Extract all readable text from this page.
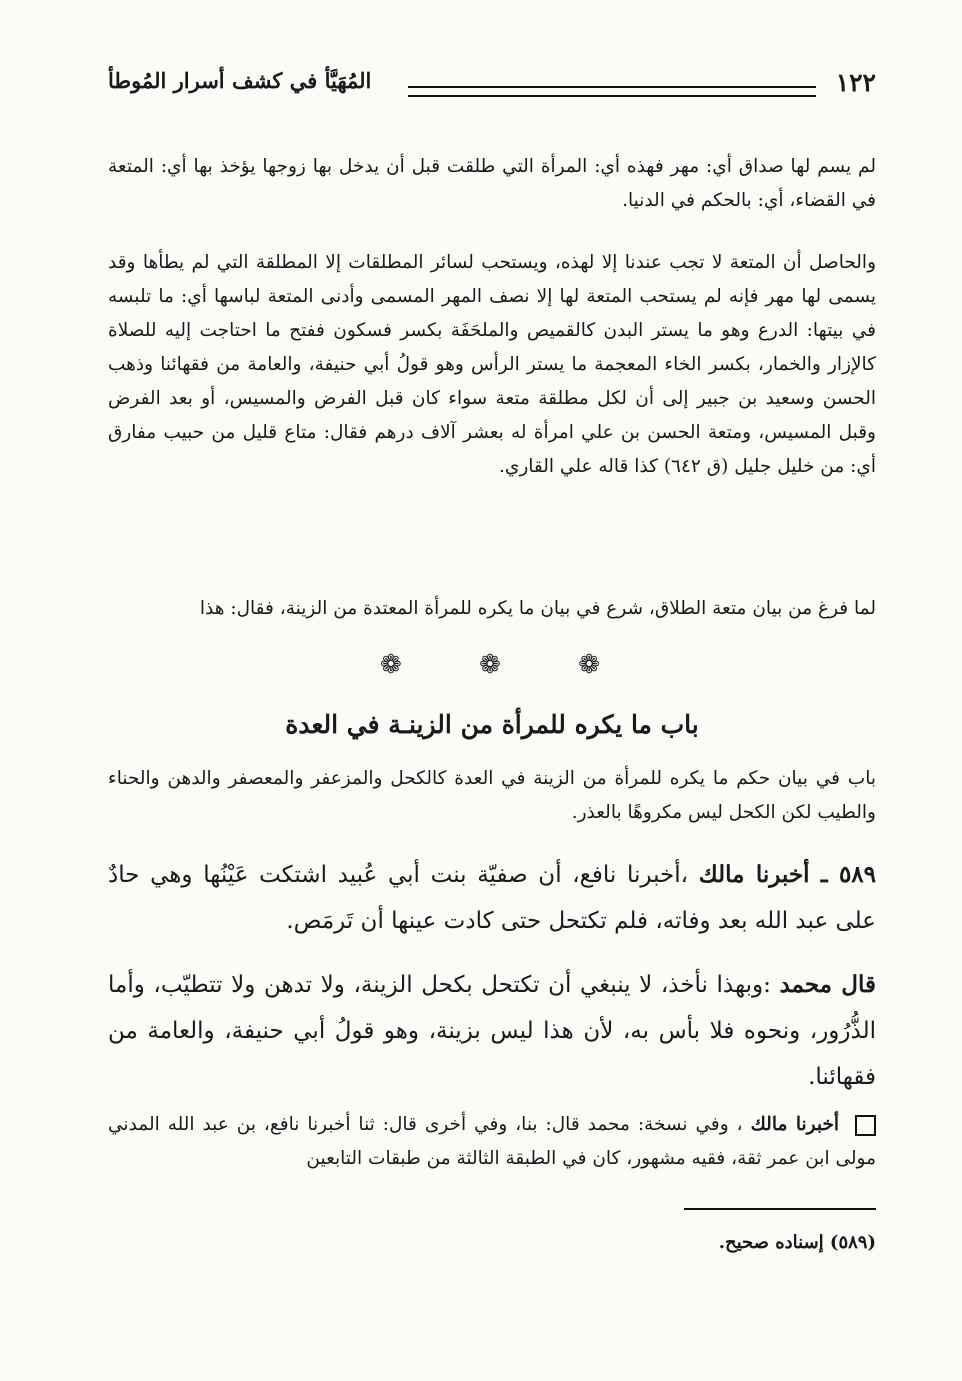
١٢٢
المُهَيَّأ في كشف أسرار المُوطأ
لم يسم لها صداق أي: مهر فهذه أي: المرأة التي طلقت قبل أن يدخل بها زوجها يؤخذ بها أي: المتعة في القضاء، أي: بالحكم في الدنيا.
والحاصل أن المتعة لا تجب عندنا إلا لهذه، ويستحب لسائر المطلقات إلا المطلقة التي لم يطأها وقد يسمى لها مهر فإنه لم يستحب المتعة لها إلا نصف المهر المسمى وأدنى المتعة لباسها أي: ما تلبسه في بيتها: الدرع وهو ما يستر البدن كالقميص والملحَفَة بكسر فسكون ففتح ما احتاجت إليه للصلاة كالإزار والخمار، بكسر الخاء المعجمة ما يستر الرأس وهو قولُ أبي حنيفة، والعامة من فقهائنا وذهب الحسن وسعيد بن جبير إلى أن لكل مطلقة متعة سواء كان قبل الفرض والمسيس، أو بعد الفرض وقبل المسيس، ومتعة الحسن بن علي امرأة له بعشر آلاف درهم فقال: متاع قليل من حبيب مفارق أي: من خليل جليل (ق ٦٤٢) كذا قاله علي القاري.
لما فرغ من بيان متعة الطلاق، شرع في بيان ما يكره للمرأة المعتدة من الزينة، فقال: هذا
❁	❁	❁
باب ما يكره للمرأة من الزينـة في العدة
باب في بيان حكم ما يكره للمرأة من الزينة في العدة كالكحل والمزعفر والمعصفر والدهن والحناء والطيب لكن الكحل ليس مكروهًا بالعذر.
٥٨٩ ـ أخبرنا مالك ،أخبرنا نافع، أن صفيّة بنت أبي عُبيد اشتكت عَيْنُها وهي حادٌ على عبد الله بعد وفاته، فلم تكتحل حتى كادت عينها أن تَرمَص.
قال محمد :وبهذا نأخذ، لا ينبغي أن تكتحل بكحل الزينة، ولا تدهن ولا تتطيّب، وأما الذُّرُور، ونحوه فلا بأس به، لأن هذا ليس بزينة، وهو قولُ أبي حنيفة، والعامة من فقهائنا.
أخبرنا مالك ، وفي نسخة: محمد قال: بنا، وفي أخرى قال: ثنا أخبرنا نافع، بن عبد الله المدني مولى ابن عمر ثقة، فقيه مشهور، كان في الطبقة الثالثة من طبقات التابعين
(٥٨٩) إسناده صحيح.
